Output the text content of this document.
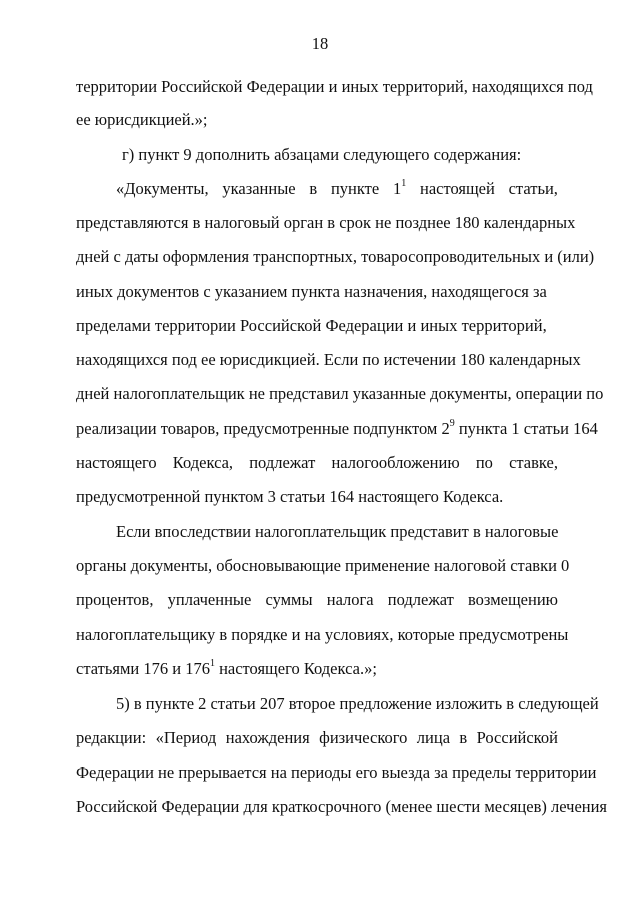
18
территории Российской Федерации и иных территорий, находящихся под
ее юрисдикцией.»;
г) пункт 9 дополнить абзацами следующего содержания:
«Документы, указанные в пункте $1^1$ настоящей статьи,
представляются в налоговый орган в срок не позднее 180 календарных
дней с даты оформления транспортных, товаросопроводительных и (или)
иных документов с указанием пункта назначения, находящегося за
пределами территории Российской Федерации и иных территорий,
находящихся под ее юрисдикцией. Если по истечении 180 календарных
дней налогоплательщик не представил указанные документы, операции по
реализации товаров, предусмотренные подпунктом $2^9$ пункта 1 статьи 164
настоящего Кодекса, подлежат налогообложению по ставке,
предусмотренной пунктом 3 статьи 164 настоящего Кодекса.
Если впоследствии налогоплательщик представит в налоговые
органы документы, обосновывающие применение налоговой ставки 0
процентов, уплаченные суммы налога подлежат возмещению
налогоплательщику в порядке и на условиях, которые предусмотрены
статьями 176 и $176^1$ настоящего Кодекса.»;
5) в пункте 2 статьи 207 второе предложение изложить в следующей
редакции: «Период нахождения физического лица в Российской
Федерации не прерывается на периоды его выезда за пределы территории
Российской Федерации для краткосрочного (менее шести месяцев) лечения
